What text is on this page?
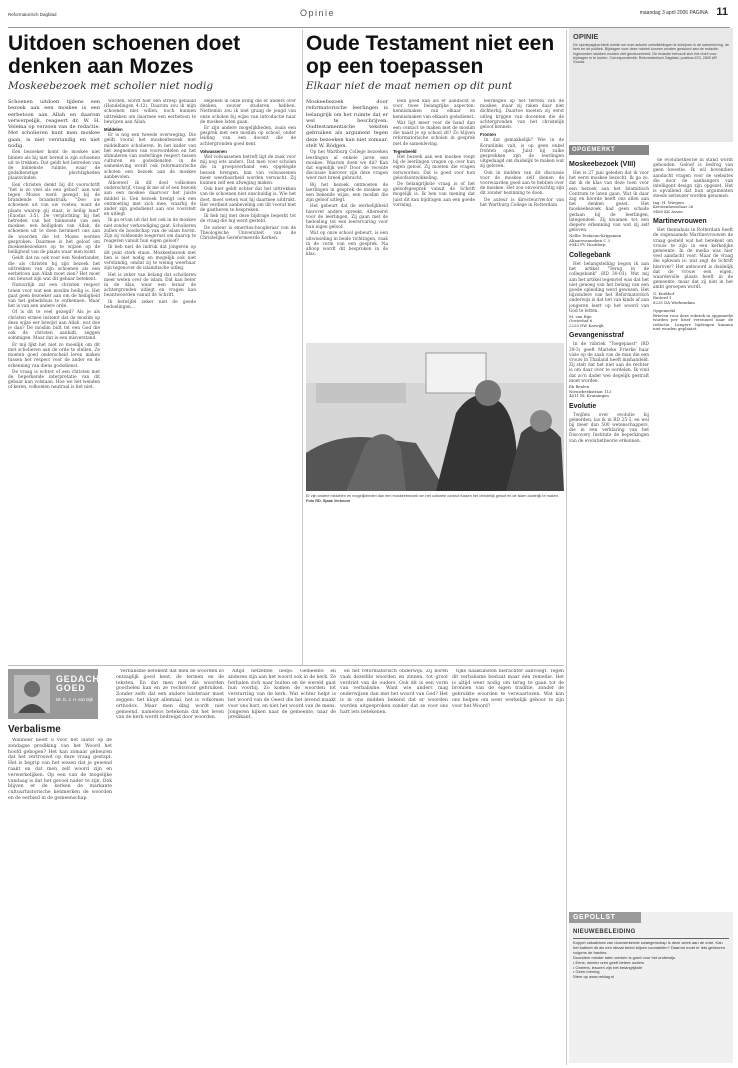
Reformatorisch Dagblad	Opinie	maandag 3 april 2006 PAGINA 11
Uitdoen schoenen doet denken aan Mozes
Moskeebezoek met scholier niet nodig
Schoenen uitdoen tijdens een bezoek aan een moskee is een eerbetoon aan Allah en daarom verwerpelijk, reageert dr. W. H. Velema op verzoek van de redactie. Met scholieren kunt men moskee gaan, is niet verstandig en niet nodig.
Een bezoeker komt de moskee niet binnen als hij niet bereid is zijn schoenen uit te trekken. Dat geldt het betreden van de binnenste ruimte, waar de godsdienstige plechtigheden plaatsvinden.
Een christen denkt bij dit voorschrift "het is zo veel als een gebod" aan wat tegen Mozes werd gezegd bij de brandende braamstruik: "Doe uw schoenen uit van uw voeten, want de plaats waarop gij staat, is heilig land" (Exodus 3:5). De verplichting bij het betreden van het binnenste van een moskee, een heiligdom van Allah, de schoenen uit te doen herinnert ons aan de woorden die tot Mozes werden gesproken. Daarmee is het geloof om moskeebezoekers op te wijzen op de heiligheid van de plaats waar men komt.
Geldt dat nu ook voor een Nederlander, die als christen bij zijn bezoek het uittrekken van zijn schoenen als een eerbetoon aan Allah moet zien? Het moet ons bewust zijn wat dit gebaar betekent.
Natuurlijk zal een christen respect tonen voor wat een moslim heilig is. Het gaat geen bezoeker aan om de heiligheid van het gebedshuis te ontkennen. Maar het is van een andere orde.
Of is dit te veel gezegd? Als je als christen ermee instemt dat de moslim op deze wijze eer bewijst aan Allah, wat doe je dan? De moslim bidt tot een God die ook de christen aanbidt, zeggen sommigen. Maar dat is een misverstand.
Er mij lijkt het niet zo moeilijk om dit met scholieren aan de orde te stellen. Ze moeten goed onderscheid leren maken tussen het respect voor de ander en de erkenning van diens godsdienst.
De vraag is echter of een christen met de beperkende interpretatie van dit gebaar kan volstaan. Hoe we het wenden of keren, volkomen neutraal is het niet.
worden, wordt hier een streep gehaald (Handelingen 4:12). Daarom zou ik mijn schoenen niet willen, noch kunnen uittrekken om daarmee een eerbetoon te bewijzen aan Allah.
Middelen
Er is nog een tweede overweging. Die geldt vooral het moskeebezoek met middelbare scholieren. In het kader van het wegnemen van vooroordelen en het stimuleren van onderlinge respect tussen culturen en godsdiensten in de samenleving wordt ook reformatorische scholen een bezoek aan de moskee aanbevolen.
Alhoewel ik dit doel volkomen onderschrijf, vraag ik me af of een bezoek aan een moskee daarvoor het juiste middel is. Een bezoek brengt ook een ontmoeting met zich mee, waarbij de ander zijn godsdienst aan ons voorstelt en uitlegt.
Ik ga ervan uit dat het ook in de moskee niet zonder verkondiging gaat. Scholieren zullen de boodschap van de islam horen. Zijn zij voldoende toegerust om daarop te reageren vanuit hun eigen geloof?
Ik heb niet de indruk dat jongeren op dit punt sterk staan. Moskeebezoek met hen is niet nodig en mogelijk ook niet verstandig, omdat zij te weinig weerbaar zijn tegenover de islamitische uitleg.
Het is zeker van belang dat scholieren meer weten over de islam. Dat kan beter in de klas, waar een leraar de achtergronden uitlegt en vragen kan beantwoorden vanuit de Schrift.
Ik betwijfel zeker niet de goede bedoelingen...
degenen in onze kring die er anders over denken, zouver studeren hebben. Niettemin zou ik niet graag de jeugd van onze scholen bij wijze van introductie naar de moskee laten gaan.
Er zijn andere mogelijkheden, zoals een gesprek met een moslim op school, onder leiding van een docent die de achtergronden goed kent.
Volwassenen
Wel volwassenen betreft ligt de zaak voor mij nog iets anders. Dat men voor scholen die in groepsverband een opgelegde bezoek brengen, kan van volwassenen meer weerbaarheid worden verwacht. Zij kunnen zelf een afweging maken.
Ook hier geldt echter dat het uittrekken van de schoenen niet onschuldig is. Wie het doet, moet weten wat hij daarmee uitdrukt. Het verdient aanbeveling om dit vooraf met de gastheren te bespreken.
Ik heb mij met deze bijdrage beperkt tot de vraag die mij werd gesteld.
De auteur is emeritus-hoogleraar van de Theologische Universiteit van de Christelijke Gereformeerde Kerken.
Oude Testament niet een op een toepassen
Elkaar niet de maat nemen op dit punt
Moskeebezoek door reformatorische leerlingen is belangrijk om het ruimte dat er wel te beschrijven. Oudtestamentische teksten gebruiken als argument tegen deze bezoeken kan niet zomaar, stelt W. Bödgen.
Op het Wartburg College bezoeken leerlingen al enkele jaren een moskee. Waarom doen we dit? Kan dat eigenlijk wel? Door de recente discussie hierover zijn deze vragen weer met breed gebracht.
Bij het bezoek ontmoeten de leerlingen in gesprek de moskee op een bekende wijze, een moslim die zijn geloof uitlegt.
Het gebeurt dat de werkelijkheid hierover anders spreekt. Allereerst voor de leerlingen. Zij gaan met de bedoeling tot een leerervaring voor hun eigen geloof.
Wat op onze school gebeurt, is een uitwisseling in beide richtingen, vaak in de vorm van een gesprek. Na afloop wordt dit besproken in de klas.
leen goed kan als er aandacht is voor twee belangrijke aspecten: kennismaken van elkaar en kennismaken van elkaars godsdienst.
Wat ligt meer voor de hand dan een contact te maken met de moslim die naast je op school zit? Zo blijven reformatorische scholen in gesprek met de samenleving.
Tegenbeeld
Het bezoek aan een moskee roept bij de leerlingen vragen op over hun eigen geloof. Zij moeten die vragen verwoorden. Dat is goed voor hun geloofsontwikkeling.
De belangrijkste vraag is of het geloofsgesprek vanuit de Schrift mogelijk is. Ik ben van mening dat juist dit kan bijdragen aan een goede vorming.
leerlingen op het terrein van de moskee, maar zij raken daar niet dichterbij. Daartoe moeten zij eerst uitleg krijgen van docenten die de achtergronden van het christelijk geloof kennen.
Fronten
In dat gemakkelijk? Wie in de Koranlinks valt, is op geen enkel fronten open. Juist bij zulke gesprekken zijn de leerlingen uitgedaagd om duidelijk te maken wat zij geloven.
Ook in midden van dit discussie voor de moskee zelf dienen de voorwaarden goed aan te hebben over de moskee. Het zou onvoorzichtig zijn dit zonder bezinning te doen.
De auteur is directeur/rector van het Wartburg College in Rotterdam.
Er zijn andere middelen en mogelijkheden dan een moskeebezoek om het culturele contact tussen het christelijk geloof en de islam duidelijk te maken. Foto RD, Sjaak Verboom
GEDACHTE
GOED
Mr. D. J. H. van Dijk
Verbalisme
Wanneer heeft u voor het laatst op de zondagse prediking van het Woord het hoofd gebogen? Het kan zomaar gebeuren dat het vertrouwd op deze vraag gestapt. Het is begrip van het wezen dat je gewend raakt en dat men zelf woord zijn en verwerkelijken. Op een van de mogelijke vandaag is dat het gevoel nader te zijn. Ook blijven er de kerken de markante cultuurhistorische kenmerken de woorden en de eerbied in de gemeenschap.
Verbalisme betekent dat men de woorden zo ontzaglijk goed kent, de termen en de teksten. En dat men met die woorden goochelen kan en ze rechtsvoor gebruiken. Zonder zelfs dat een andere luisteraar moet zeggen: het klopt allemaal, het is volkomen orthodox. Maar men ding wordt niet gemeend, nameloos betekenis dat het leven van de kerk wordt bedreigd door woorden.
Altijd hetzelfde liedje. Gemeente en anderen zijn aan het woord ook in de kerk. Ze herhalen zich naar buiten en de wereld gaat hun voorbij. Zo komen de woorden tot verstarring van de kerk. Wat echter helpt is het woord van de Geest die het levend maakt voor ons hart, en niet het woord van de mens. Jongeren kijken naar de gemeente, naar de predikant.
en het reformatorisch onderwijs. Zij horen vaak dezelfde woorden en zinnen, tot groot verdriet van de ouders. Ook dit is een vorm van verbalisme. Want wie anders mag onderwijzen dan met het woord van God? Het is in ons midden bekend dat er woorden worden uitgesproken zonder dat ze voor ons hart iets betekenen.
tijke naaikunsten hierachter aanvoegt. Tegen dit verbalisme bestaat maar één remedie. Het is altijd weer nodig om terug te gaan tot de bronnen van de eigen traditie, zonder de gebruikte woorden te verwaarlozen. Wat kan ons helpen om weer werkelijk gehoor te zijn voor het Woord?
OPINIE
De opiniepagina biedt ruimte om over actuele ontwikkelingen te schrijven in de samenleving, de kerk en de politiek. Bijdragen voor deze rubriek kunnen worden gestuurd aan de redactie. Ingezonden stukken worden niet geretourneerd. De redactie behoudt zich het recht voor bijdragen in te korten. Correspondentie: Reformatorisch Dagblad, postbus 670, 2800 AR Gouda.
OPGEMERKT
Moskeebezoek (VIII)
Het is 27 juni geleden dat ik voor het eerst moskee bezocht. Ik ga zo, dat ik de klas van deze toen voor een bezoek aan het Islamitisch Centrum te laten gaan. Wat ik daar zag en hoorde heeft ons allen aan het denken gezet. Het moskeebezoek had geen schade gedaan bij de leerlingen, integendeel. Zij kwamen tot een diepere erkenning van wat zij zelf geloven.
Nellie Tesfaeuu-Krijgsman
Altaarsvanneken C 3
9043 PV Hoofdorp
Collegebank
Het belangstelling begon ik aan het artikel "Terug in de collegebank" (RD 30-03). Wat mij aan het artikel tegenviel was dat het niet genoeg van het belang van een goede opleiding werd gewezen. Het bijzondere van het Reformatorisch onderwijs is dat het van kinds af aan jongeren leert op het woord van God te letten.
M. van Rijn
Oosterhof 6
2225 DW Katwijk
Gevangenisstraf
In de rubriek "Toegepasst" (RD 29-3) geeft Marieke Frierke haar visie op de zaak van de man die een vrouw in Thailand heeft mishandeld. Zij stelt dat het niet aan de rechter is om daar over te oordelen. Ik vind dat zo'n dader wel degelijk gestraft moet worden.
Eb Beelen
Nieuwbeekstraat 113
4611 EL Kruiningen
Evolutie
Twijfels over evolutie bij geleerden, las ik in RD 25-3, en wel bij meer dan 500 wetenschappers, die in een verklaring van het Discovery Institute de beperkingen van de evolutietheorie erkennen.
de evolutietheorie in stand wordt gehouden. Geloof is bedrog van geen kwestie. Ik wil bovendien aandacht vragen voor de websites die door de aanhangers van intelligent design zijn opgezet. Het is opvallend dat hun argumenten steeds serieuzer worden genomen.
Ing. H. Wiegers
Kerstenhesselaar 26
9408 KK Assen
Martinevrouwen
Het themahuis in Rotterdam heeft de zogenaamde Martinevrouwen de vraag gesteld wat het betekent om vrouw te zijn in een kerkelijke gemeente. In de media was hier veel aandacht voor. Maar de vraag die opkwam is: wat zegt de Schrift hierover? Het antwoord is duidelijk dat de vrouw een eigen, waardevolle plaats heeft in de gemeente, maar dat zij niet in het ambt geroepen wordt.
G. Kerkhof
Ruiterd 1
8235 DA Werkendam
Opgemerkt
Brieven voor deze rubriek in opgemerkt worden per brief verstuurd naar de redactie. Langere bijdragen kunnen niet worden geplaatst.
GEPOLLST
NIEUWEBELEIDING
Koppel valuatrices van doorwerkende zwangerschap is deze week aan de orde. Kan het kabinet dit als een ideaal beeld blijven voorstellen? Daarom moet er iets gebeuren volgens de fracties.
Doorstem minder laten werken is goed voor het onderwijs.
• Eens, minder uren geeft betere ouders
• Oneens, lesuren zijn het belangrijkste
• Geen mening
Stem op www.refdag.nl
